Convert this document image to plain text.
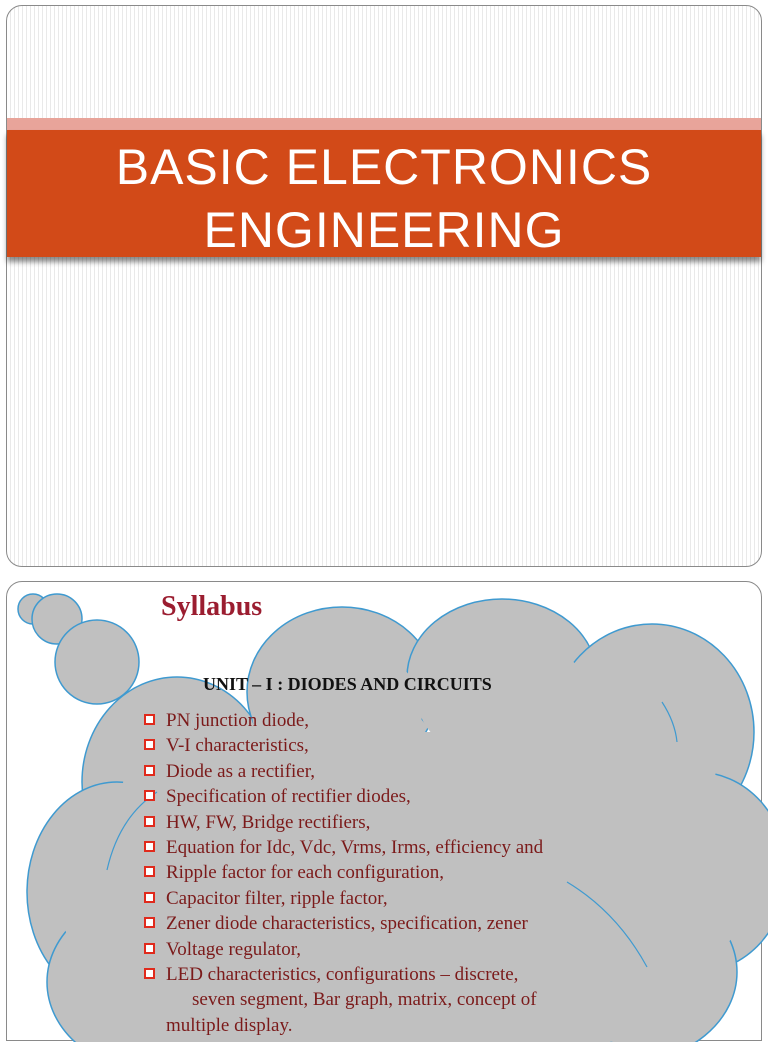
BASIC ELECTRONICS
ENGINEERING
Syllabus
UNIT – I : DIODES AND CIRCUITS
PN junction diode,
V-I characteristics,
Diode as a rectifier,
Specification of rectifier diodes,
HW, FW, Bridge rectifiers,
Equation for Idc, Vdc, Vrms, Irms, efficiency and
Ripple factor for each configuration,
Capacitor filter, ripple factor,
Zener diode characteristics, specification, zener
Voltage regulator,
LED characteristics, configurations – discrete,
seven segment, Bar graph, matrix, concept of
multiple display.
